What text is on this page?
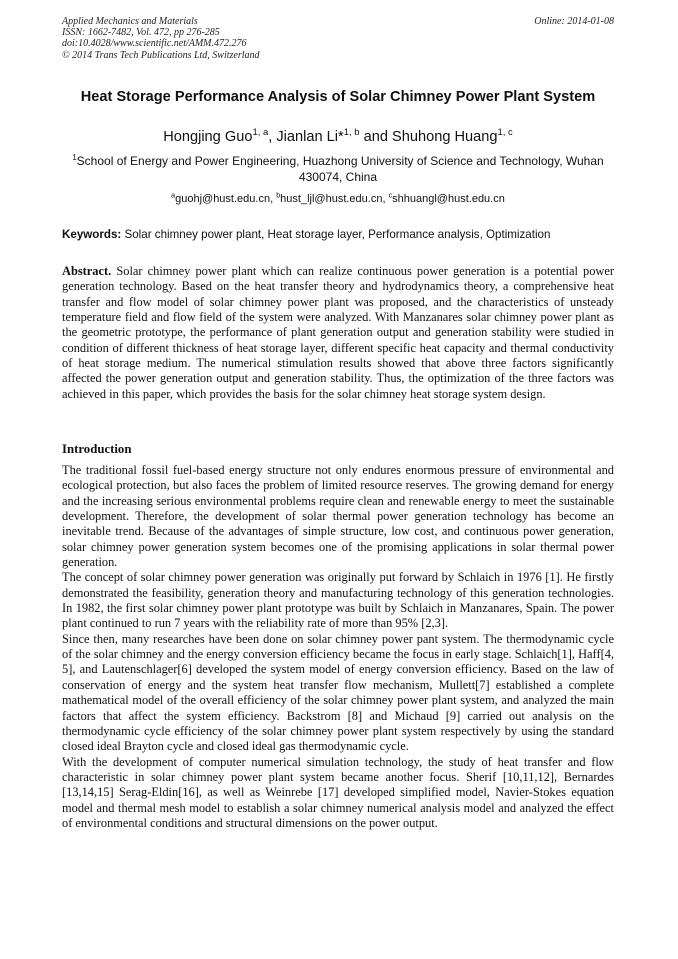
Applied Mechanics and Materials
ISSN: 1662-7482, Vol. 472, pp 276-285
doi:10.4028/www.scientific.net/AMM.472.276
© 2014 Trans Tech Publications Ltd, Switzerland
Online: 2014-01-08
Heat Storage Performance Analysis of Solar Chimney Power Plant System
Hongjing Guo$^{1, a}$, Jianlan Li*$^{1, b}$ and Shuhong Huang$^{1, c}$
$^1$School of Energy and Power Engineering, Huazhong University of Science and Technology, Wuhan 430074, China
$^a$guohj@hust.edu.cn, $^b$hust_ljl@hust.edu.cn, $^c$shhuangl@hust.edu.cn
Keywords: Solar chimney power plant, Heat storage layer, Performance analysis, Optimization

Abstract. Solar chimney power plant which can realize continuous power generation is a potential power generation technology. Based on the heat transfer theory and hydrodynamics theory, a comprehensive heat transfer and flow model of solar chimney power plant was proposed, and the characteristics of unsteady temperature field and flow field of the system were analyzed. With Manzanares solar chimney power plant as the geometric prototype, the performance of plant generation output and generation stability were studied in condition of different thickness of heat storage layer, different specific heat capacity and thermal conductivity of heat storage medium. The numerical stimulation results showed that above three factors significantly affected the power generation output and generation stability. Thus, the optimization of the three factors was achieved in this paper, which provides the basis for the solar chimney heat storage system design.

Introduction

The traditional fossil fuel-based energy structure not only endures enormous pressure of environmental and ecological protection, but also faces the problem of limited resource reserves. The growing demand for energy and the increasing serious environmental problems require clean and renewable energy to meet the sustainable development. Therefore, the development of solar thermal power generation technology has become an inevitable trend. Because of the advantages of simple structure, low cost, and continuous power generation, solar chimney power generation system becomes one of the promising applications in solar thermal power generation.

The concept of solar chimney power generation was originally put forward by Schlaich in 1976 [1]. He firstly demonstrated the feasibility, generation theory and manufacturing technology of this generation technologies. In 1982, the first solar chimney power plant prototype was built by Schlaich in Manzanares, Spain. The power plant continued to run 7 years with the reliability rate of more than 95% [2,3].

Since then, many researches have been done on solar chimney power pant system. The thermodynamic cycle of the solar chimney and the energy conversion efficiency became the focus in early stage. Schlaich[1], Haff[4, 5], and Lautenschlager[6] developed the system model of energy conversion efficiency. Based on the law of conservation of energy and the system heat transfer flow mechanism, Mullett[7] established a complete mathematical model of the overall efficiency of the solar chimney power plant system, and analyzed the main factors that affect the system efficiency. Backstrom [8] and Michaud [9] carried out analysis on the thermodynamic cycle efficiency of the solar chimney power plant system respectively by using the standard closed ideal Brayton cycle and closed ideal gas thermodynamic cycle.

With the development of computer numerical simulation technology, the study of heat transfer and flow characteristic in solar chimney power plant system became another focus. Sherif [10,11,12], Bernardes [13,14,15] Serag-Eldin[16], as well as Weinrebe [17] developed simplified model, Navier-Stokes equation model and thermal mesh model to establish a solar chimney numerical analysis model and analyzed the effect of environmental conditions and structural dimensions on the power output.
